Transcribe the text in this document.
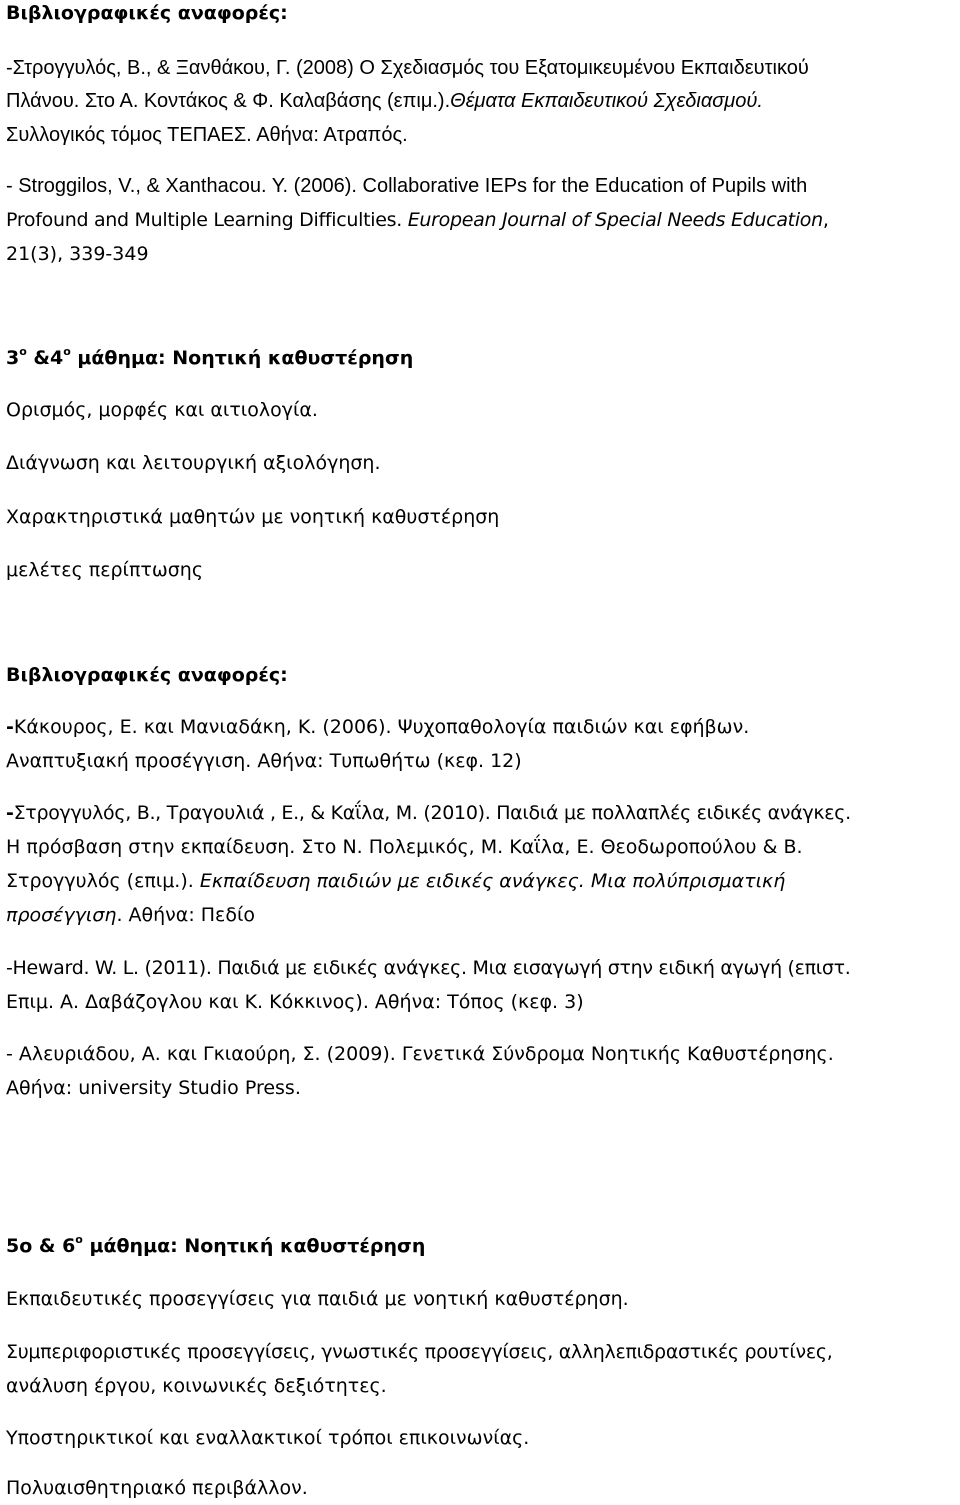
Βιβλιογραφικές αναφορές:
-Στρογγυλός, Β., & Ξανθάκου, Γ. (2008) Ο Σχεδιασμός του Εξατομικευμένου Εκπαιδευτικού
Πλάνου. Στο Α. Κοντάκος & Φ. Καλαβάσης (επιμ.).Θέματα Εκπαιδευτικού Σχεδιασμού.
Συλλογικός τόμος ΤΕΠΑΕΣ. Αθήνα: Ατραπός.
- Stroggilos, V., & Xanthacou. Y. (2006). Collaborative IEPs for the Education of Pupils with
Profound and Multiple Learning Difficulties. European Journal of Special Needs Education,
21(3), 339-349
$3^o$ $\&4^o$ μάθημα: Νοητική καθυστέρηση
Ορισμός, μορφές και αιτιολογία.
Διάγνωση και λειτουργική αξιολόγηση.
Χαρακτηριστικά μαθητών με νοητική καθυστέρηση
μελέτες περίπτωσης
Βιβλιογραφικές αναφορές:
-Κάκουρος, Ε. και Μανιαδάκη, Κ. (2006). Ψυχοπαθολογία παιδιών και εφήβων.
Αναπτυξιακή προσέγγιση. Αθήνα: Τυπωθήτω (κεφ. 12)
-Στρογγυλός, Β., Τραγουλιά , Ε., & Καΐλα, Μ. (2010). Παιδιά με πολλαπλές ειδικές ανάγκες.
Η πρόσβαση στην εκπαίδευση. Στο Ν. Πολεμικός, Μ. Καΐλα, Ε. Θεοδωροπούλου & Β.
Στρογγυλός (επιμ.). Εκπαίδευση παιδιών με ειδικές ανάγκες. Μια πολύπρισματική
προσέγγιση. Αθήνα: Πεδίο
-Heward. W. L. (2011). Παιδιά με ειδικές ανάγκες. Μια εισαγωγή στην ειδική αγωγή (επιστ.
Επιμ. Α. Δαβάζογλου και Κ. Κόκκινος). Αθήνα: Τόπος (κεφ. 3)
- Αλευριάδου, Α. και Γκιαούρη, Σ. (2009). Γενετικά Σύνδρομα Νοητικής Καθυστέρησης.
Αθήνα: university Studio Press.
5ο & $6^o$ μάθημα: Νοητική καθυστέρηση
Εκπαιδευτικές προσεγγίσεις για παιδιά με νοητική καθυστέρηση.
Συμπεριφοριστικές προσεγγίσεις, γνωστικές προσεγγίσεις, αλληλεπιδραστικές ρουτίνες,
ανάλυση έργου, κοινωνικές δεξιότητες.
Υποστηρικτικοί και εναλλακτικοί τρόποι επικοινωνίας.
Πολυαισθητηριακό περιβάλλον.
